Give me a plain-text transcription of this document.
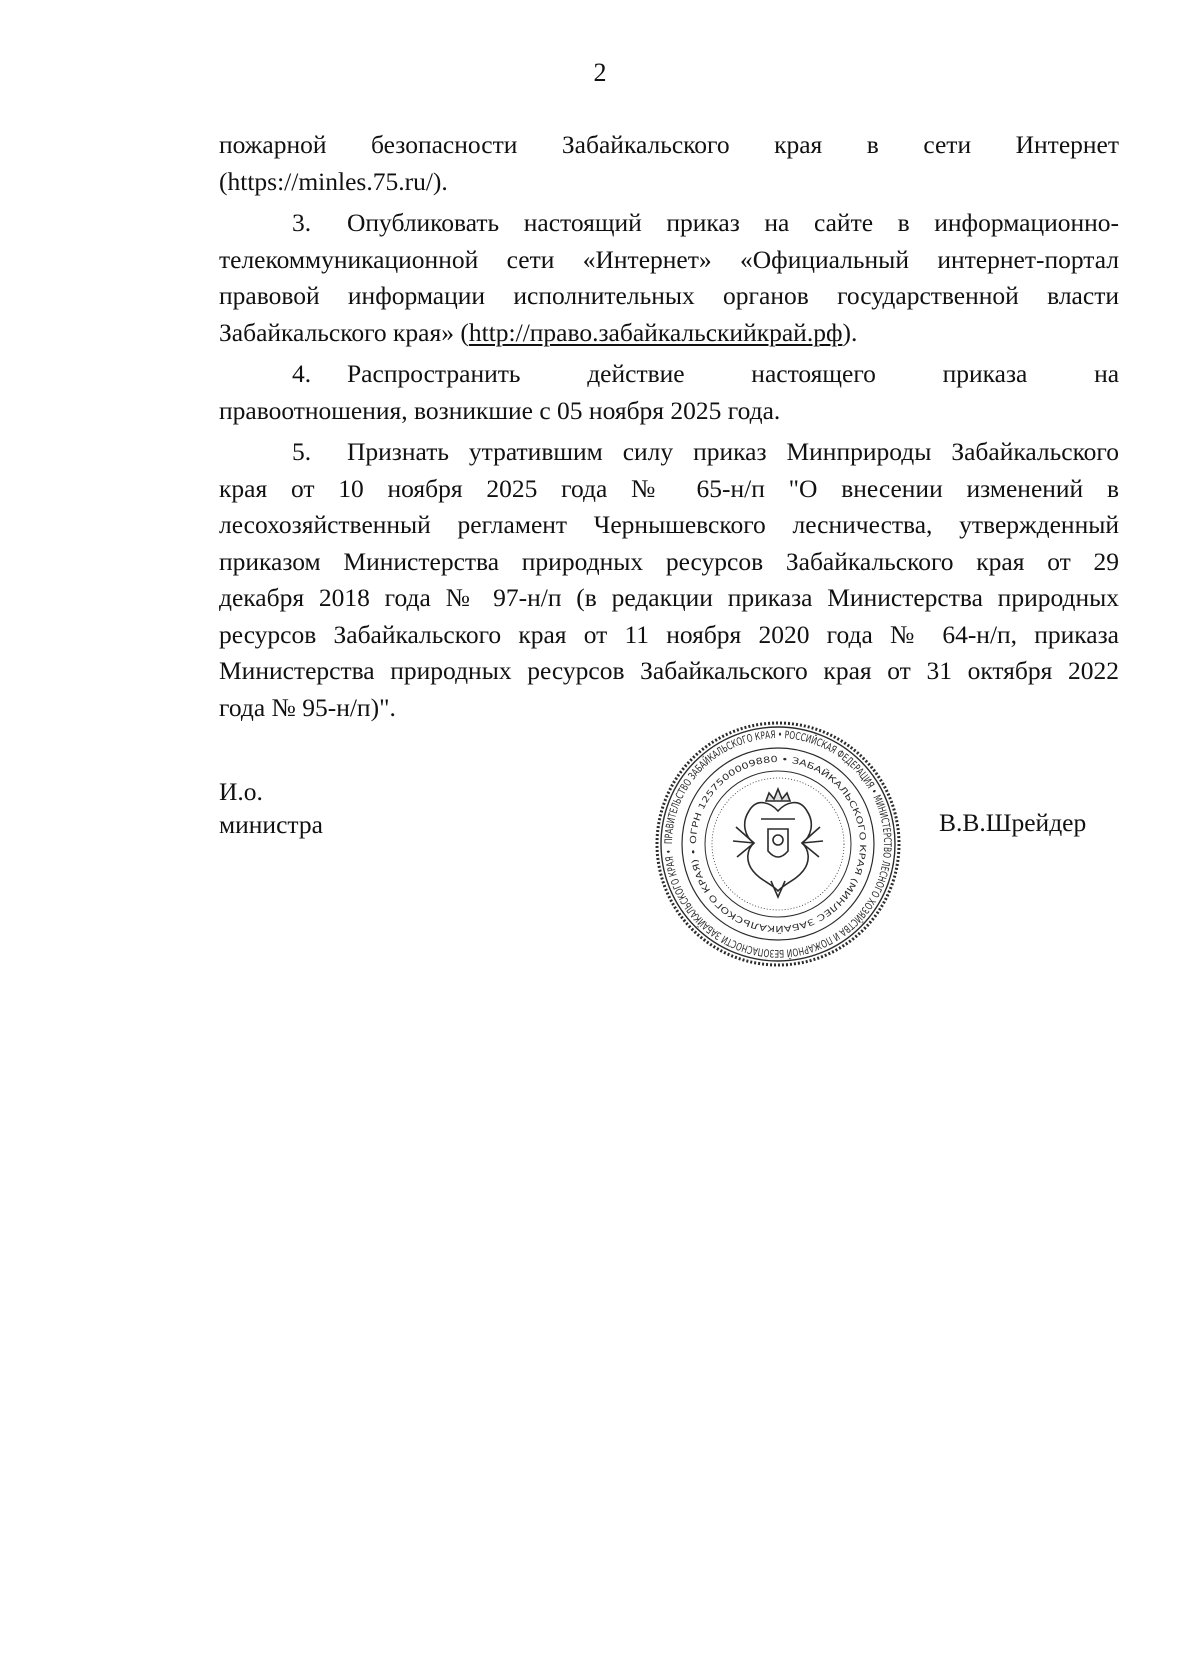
2

пожарной безопасности Забайкальского края в сети Интернет

(https://minles.75.ru/).

3. Опубликовать настоящий приказ на сайте в информационно-

телекоммуникационной сети «Интернет» «Официальный интернет-портал

правовой информации исполнительных органов государственной власти

Забайкальского края» (http://право.забайкальскийкрай.рф).

4. Распространить	действие	настоящего	приказа	на

правоотношения, возникшие с 05 ноября 2025 года.

5. Признать утратившим силу приказ Минприроды Забайкальского

края от 10 ноября 2025 года № 65-н/п "О внесении изменений в

лесохозяйственный регламент Чернышевского лесничества, утвержденный

приказом Министерства природных ресурсов Забайкальского края от 29

декабря 2018 года № 97-н/п (в редакции приказа Министерства природных

ресурсов Забайкальского края от 11 ноября 2020 года № 64-н/п, приказа

Министерства природных ресурсов Забайкальского края от 31 октября 2022

года № 95-н/п)".

И.о.
министра
ПРАВИТЕЛЬСТВО ЗАБАЙКАЛЬСКОГО КРАЯ • РОССИЙСКАЯ ФЕДЕРАЦИЯ • МИНИСТЕРСТВО ЛЕСНОГО ХОЗЯЙСТВА И ПОЖАРНОЙ БЕЗОПАСНОСТИ ЗАБАЙКАЛЬСКОГО КРАЯ •
ОГРН 1257500009880 • ЗАБАЙКАЛЬСКОГО КРАЯ (МИНЛЕС ЗАБАЙКАЛЬСКОГО КРАЯ) •
В.В.Шрейдер
